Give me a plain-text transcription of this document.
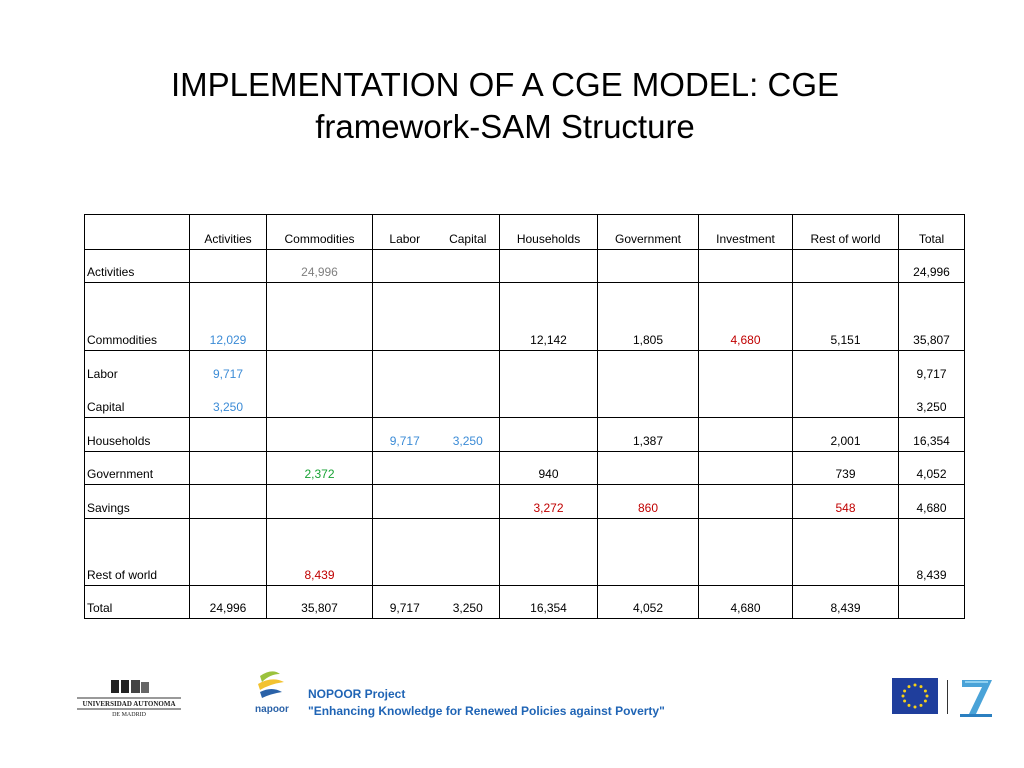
IMPLEMENTATION OF A CGE MODEL: CGE
framework-SAM Structure
	Activities	Commodities	Labor	Capital	Households	Government	Investment	Rest of world	Total
Activities		24,996							24,996
Commodities	12,029				12,142	1,805	4,680	5,151	35,807
Labor	9,717								9,717
Capital	3,250								3,250
Households			9,717	3,250		1,387		2,001	16,354
Government		2,372			940			739	4,052
Savings					3,272	860		548	4,680
Rest of world		8,439							8,439
Total	24,996	35,807	9,717	3,250	16,354	4,052	4,680	8,439	
UNIVERSIDAD AUTONOMA
DE MADRID	napoor
NOPOOR Project
"Enhancing Knowledge for Renewed Policies against Poverty"
